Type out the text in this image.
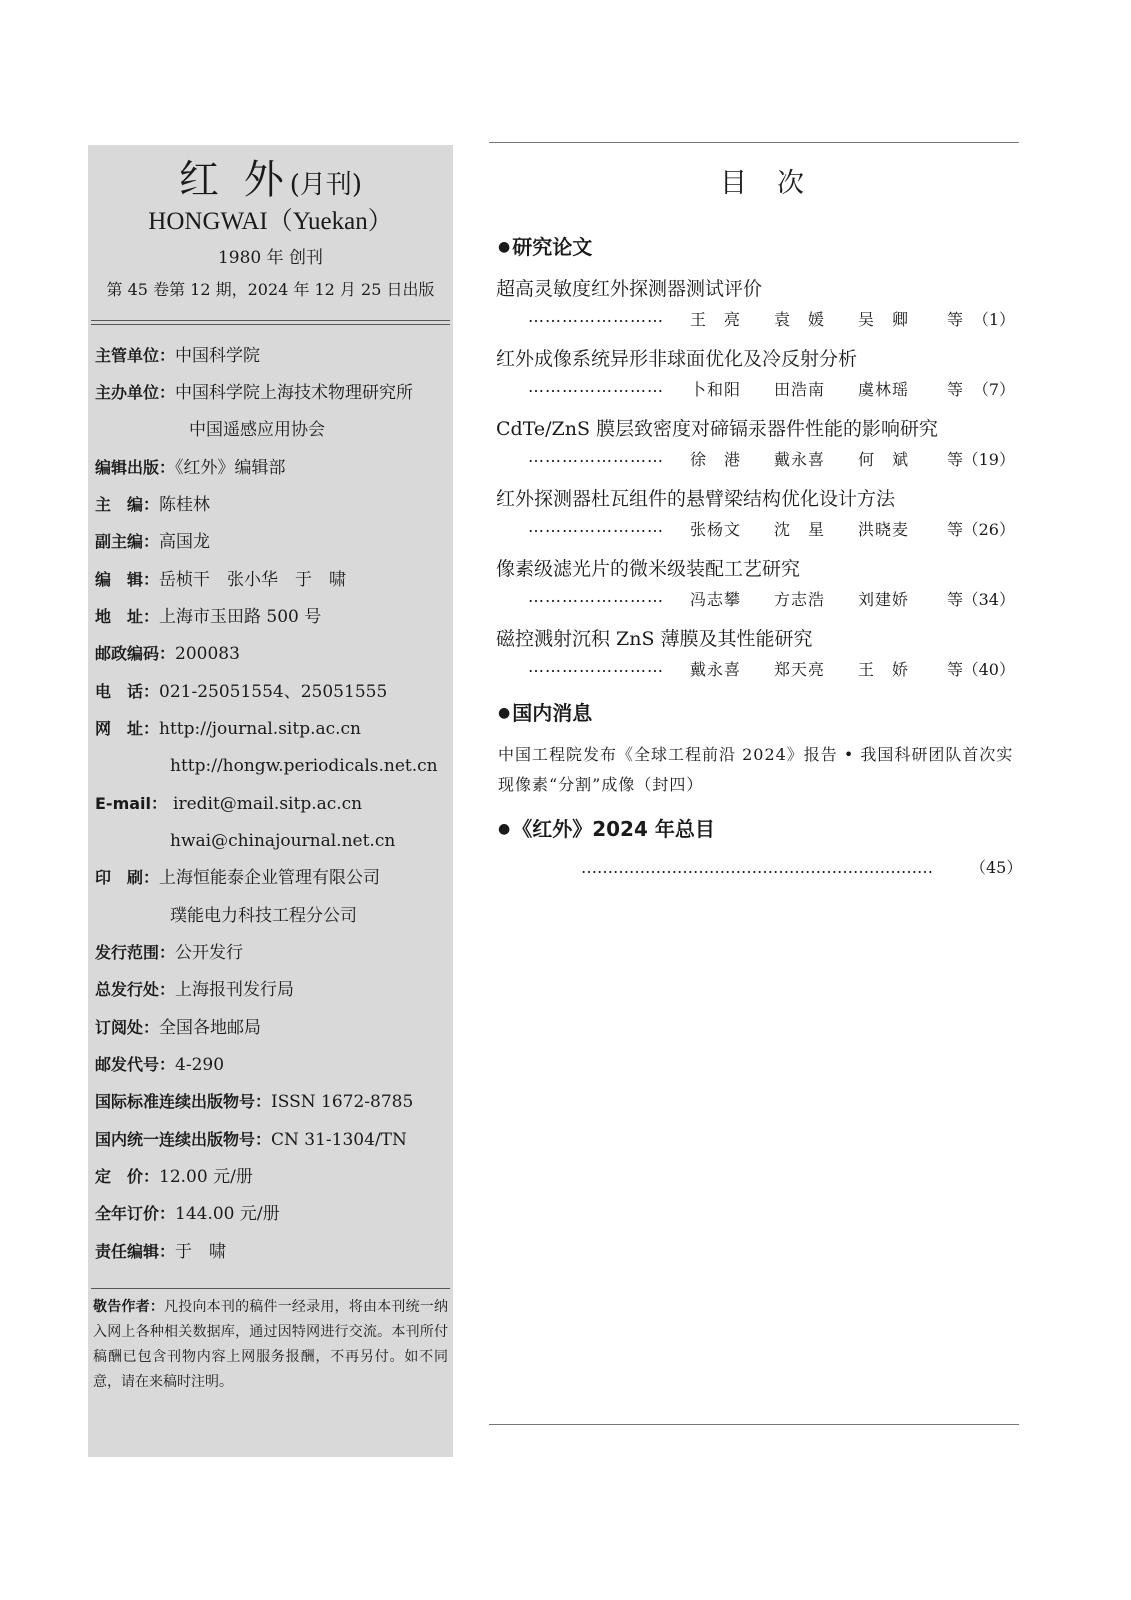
红 外(月刊)
HONGWAI（Yuekan）
1980 年 创刊
第 45 卷第 12 期，2024 年 12 月 25 日出版
主管单位：中国科学院
主办单位：中国科学院上海技术物理研究所
中国遥感应用协会
编辑出版：《红外》编辑部
主　编：陈桂林
副主编：高国龙
编　辑：岳桢干　张小华　于　啸
地　址：上海市玉田路 500 号
邮政编码：200083
电　话：021-25051554、25051555
网　址：http://journal.sitp.ac.cn
http://hongw.periodicals.net.cn
E-mail： iredit@mail.sitp.ac.cn
hwai@chinajournal.net.cn
印　刷：上海恒能泰企业管理有限公司
璞能电力科技工程分公司
发行范围：公开发行
总发行处：上海报刊发行局
订阅处：全国各地邮局
邮发代号：4-290
国际标准连续出版物号：ISSN 1672-8785
国内统一连续出版物号：CN 31-1304/TN
定　价：12.00 元/册
全年订价：144.00 元/册
责任编辑：于　啸
敬告作者：凡投向本刊的稿件一经录用，将由本刊统一纳入网上各种相关数据库，通过因特网进行交流。本刊所付稿酬已包含刊物内容上网服务报酬，不再另付。如不同意，请在来稿时注明。
目次
● 研究论文
超高灵敏度红外探测器测试评价
…………………… 王　亮 袁　媛 吴　卿	等 （1）
红外成像系统异形非球面优化及冷反射分析
…………………… 卜和阳 田浩南 虞林瑶	等 （7）
CdTe/ZnS 膜层致密度对碲镉汞器件性能的影响研究
…………………… 徐　港 戴永喜 何　斌	等 （19）
红外探测器杜瓦组件的悬臂梁结构优化设计方法
…………………… 张杨文 沈　星 洪晓麦	等 （26）
像素级滤光片的微米级装配工艺研究
…………………… 冯志攀 方志浩 刘建娇	等 （34）
磁控溅射沉积 ZnS 薄膜及其性能研究
…………………… 戴永喜 郑天亮 王　娇	等 （40）
● 国内消息
中国工程院发布《全球工程前沿 2024》报告 • 我国科研团队首次实现像素“分割”成像（封四）
● 《红外》2024 年总目
…………………………………………………………	（45）
